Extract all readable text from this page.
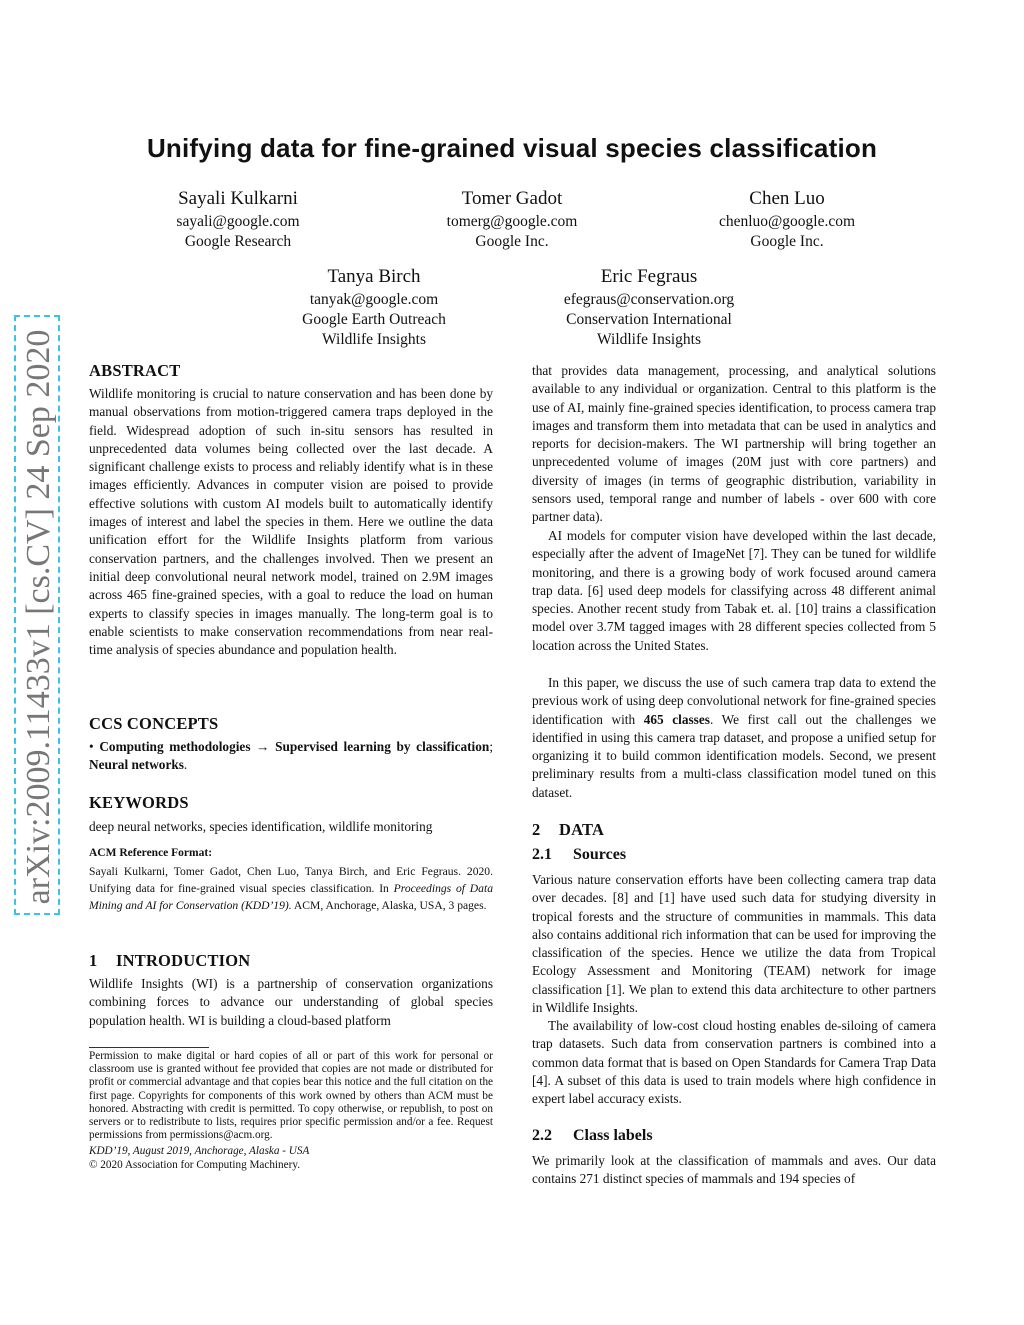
Unifying data for fine-grained visual species classification
Sayali Kulkarni
sayali@google.com
Google Research
Tomer Gadot
tomerg@google.com
Google Inc.
Chen Luo
chenluo@google.com
Google Inc.
Tanya Birch
tanyak@google.com
Google Earth Outreach
Wildlife Insights
Eric Fegraus
efegraus@conservation.org
Conservation International
Wildlife Insights
arXiv:2009.11433v1 [cs.CV] 24 Sep 2020 ABSTRACT

Wildlife monitoring is crucial to nature conservation and has been done by manual observations from motion-triggered camera traps deployed in the field. Widespread adoption of such in-situ sensors has resulted in unprecedented data volumes being collected over the last decade. A significant challenge exists to process and reliably identify what is in these images efficiently. Advances in computer vision are poised to provide effective solutions with custom AI models built to automatically identify images of interest and label the species in them. Here we outline the data unification effort for the Wildlife Insights platform from various conservation partners, and the challenges involved. Then we present an initial deep convolutional neural network model, trained on 2.9M images across 465 fine-grained species, with a goal to reduce the load on human experts to classify species in images manually. The long-term goal is to enable scientists to make conservation recommendations from near real-time analysis of species abundance and population health.

CCS CONCEPTS

• Computing methodologies → Supervised learning by classification; Neural networks.

KEYWORDS

deep neural networks, species identification, wildlife monitoring

ACM Reference Format:

Sayali Kulkarni, Tomer Gadot, Chen Luo, Tanya Birch, and Eric Fegraus. 2020. Unifying data for fine-grained visual species classification. In Proceedings of Data Mining and AI for Conservation (KDD’19). ACM, Anchorage, Alaska, USA, 3 pages.

1 INTRODUCTION

Wildlife Insights (WI) is a partnership of conservation organizations combining forces to advance our understanding of global species population health. WI is building a cloud-based platform

Permission to make digital or hard copies of all or part of this work for personal or classroom use is granted without fee provided that copies are not made or distributed for profit or commercial advantage and that copies bear this notice and the full citation on the first page. Copyrights for components of this work owned by others than ACM must be honored. Abstracting with credit is permitted. To copy otherwise, or republish, to post on servers or to redistribute to lists, requires prior specific permission and/or a fee. Request permissions from permissions@acm.org.

KDD’19, August 2019, Anchorage, Alaska - USA

© 2020 Association for Computing Machinery.

that provides data management, processing, and analytical solutions available to any individual or organization. Central to this platform is the use of AI, mainly fine-grained species identification, to process camera trap images and transform them into metadata that can be used in analytics and reports for decision-makers. The WI partnership will bring together an unprecedented volume of images (20M just with core partners) and diversity of images (in terms of geographic distribution, variability in sensors used, temporal range and number of labels - over 600 with core partner data).

AI models for computer vision have developed within the last decade, especially after the advent of ImageNet [7]. They can be tuned for wildlife monitoring, and there is a growing body of work focused around camera trap data. [6] used deep models for classifying across 48 different animal species. Another recent study from Tabak et. al. [10] trains a classification model over 3.7M tagged images with 28 different species collected from 5 location across the United States.

In this paper, we discuss the use of such camera trap data to extend the previous work of using deep convolutional network for fine-grained species identification with 465 classes. We first call out the challenges we identified in using this camera trap dataset, and propose a unified setup for organizing it to build common identification models. Second, we present preliminary results from a multi-class classification model tuned on this dataset.

2 DATA
2.1 Sources

Various nature conservation efforts have been collecting camera trap data over decades. [8] and [1] have used such data for studying diversity in tropical forests and the structure of communities in mammals. This data also contains additional rich information that can be used for improving the classification of the species. Hence we utilize the data from Tropical Ecology Assessment and Monitoring (TEAM) network for image classification [1]. We plan to extend this data architecture to other partners in Wildlife Insights.

The availability of low-cost cloud hosting enables de-siloing of camera trap datasets. Such data from conservation partners is combined into a common data format that is based on Open Standards for Camera Trap Data [4]. A subset of this data is used to train models where high confidence in expert label accuracy exists.

2.2 Class labels

We primarily look at the classification of mammals and aves. Our data contains 271 distinct species of mammals and 194 species of
